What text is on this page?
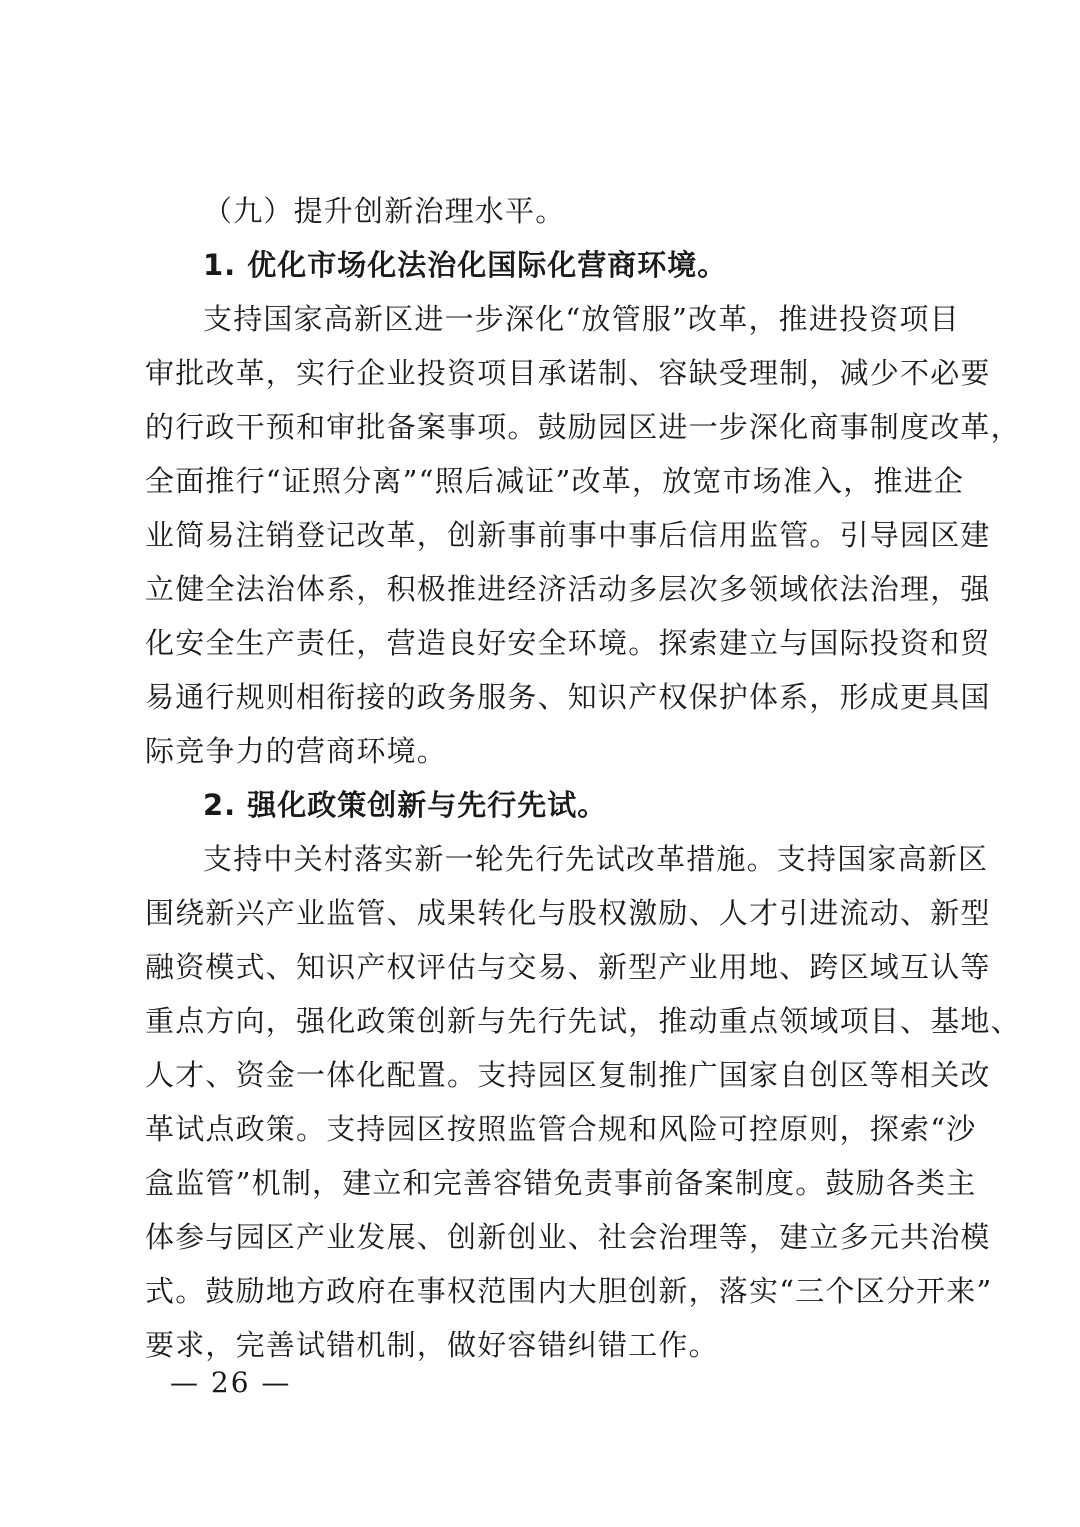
（九）提升创新治理水平。
1. 优化市场化法治化国际化营商环境。
支持国家高新区进一步深化“放管服”改革，推进投资项目
审批改革，实行企业投资项目承诺制、容缺受理制，减少不必要
的行政干预和审批备案事项。鼓励园区进一步深化商事制度改革，
全面推行“证照分离”“照后减证”改革，放宽市场准入，推进企
业简易注销登记改革，创新事前事中事后信用监管。引导园区建
立健全法治体系，积极推进经济活动多层次多领域依法治理，强
化安全生产责任，营造良好安全环境。探索建立与国际投资和贸
易通行规则相衔接的政务服务、知识产权保护体系，形成更具国
际竞争力的营商环境。
2. 强化政策创新与先行先试。
支持中关村落实新一轮先行先试改革措施。支持国家高新区
围绕新兴产业监管、成果转化与股权激励、人才引进流动、新型
融资模式、知识产权评估与交易、新型产业用地、跨区域互认等
重点方向，强化政策创新与先行先试，推动重点领域项目、基地、
人才、资金一体化配置。支持园区复制推广国家自创区等相关改
革试点政策。支持园区按照监管合规和风险可控原则，探索“沙
盒监管”机制，建立和完善容错免责事前备案制度。鼓励各类主
体参与园区产业发展、创新创业、社会治理等，建立多元共治模
式。鼓励地方政府在事权范围内大胆创新，落实“三个区分开来”
要求，完善试错机制，做好容错纠错工作。
— 26 —
